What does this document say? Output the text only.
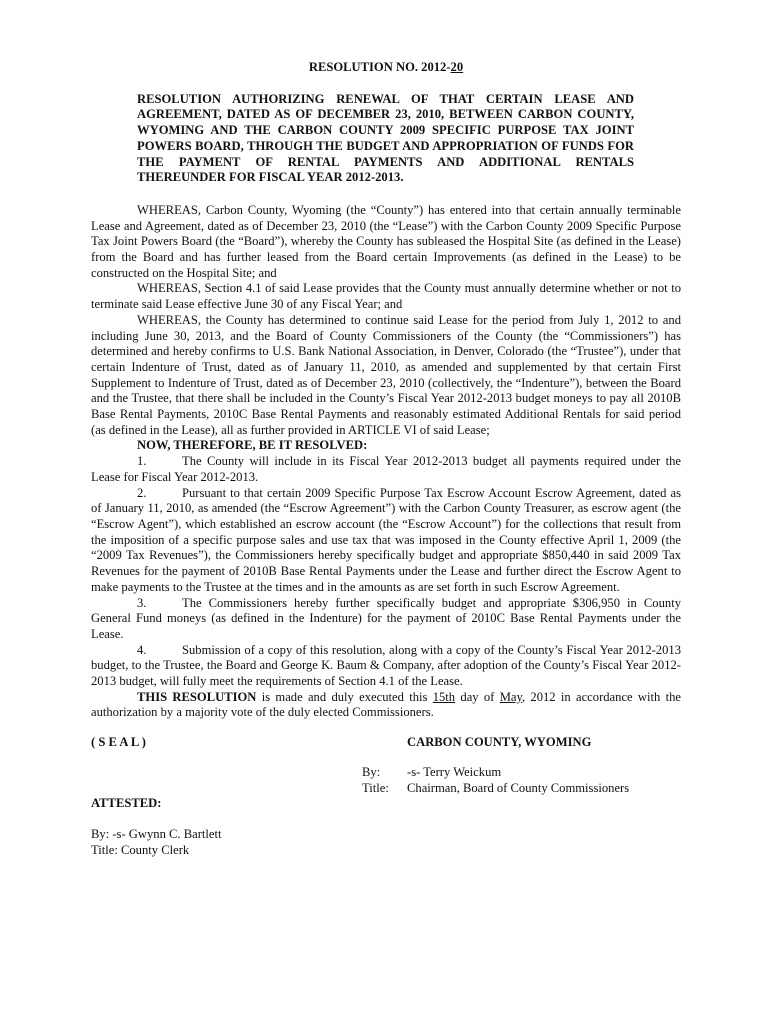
RESOLUTION NO. 2012-20
RESOLUTION AUTHORIZING RENEWAL OF THAT CERTAIN LEASE AND AGREEMENT, DATED AS OF DECEMBER 23, 2010, BETWEEN CARBON COUNTY, WYOMING AND THE CARBON COUNTY 2009 SPECIFIC PURPOSE TAX JOINT POWERS BOARD, THROUGH THE BUDGET AND APPROPRIATION OF FUNDS FOR THE PAYMENT OF RENTAL PAYMENTS AND ADDITIONAL RENTALS THEREUNDER FOR FISCAL YEAR 2012-2013.

WHEREAS, Carbon County, Wyoming (the “County”) has entered into that certain annually terminable Lease and Agreement, dated as of December 23, 2010 (the “Lease”) with the Carbon County 2009 Specific Purpose Tax Joint Powers Board (the “Board”), whereby the County has subleased the Hospital Site (as defined in the Lease) from the Board and has further leased from the Board certain Improvements (as defined in the Lease) to be constructed on the Hospital Site; and

WHEREAS, Section 4.1 of said Lease provides that the County must annually determine whether or not to terminate said Lease effective June 30 of any Fiscal Year; and

WHEREAS, the County has determined to continue said Lease for the period from July 1, 2012 to and including June 30, 2013, and the Board of County Commissioners of the County (the “Commissioners”) has determined and hereby confirms to U.S. Bank National Association, in Denver, Colorado (the “Trustee”), under that certain Indenture of Trust, dated as of January 11, 2010, as amended and supplemented by that certain First Supplement to Indenture of Trust, dated as of December 23, 2010 (collectively, the “Indenture”), between the Board and the Trustee, that there shall be included in the County’s Fiscal Year 2012-2013 budget moneys to pay all 2010B Base Rental Payments, 2010C Base Rental Payments and reasonably estimated Additional Rentals for said period (as defined in the Lease), all as further provided in ARTICLE VI of said Lease;

NOW, THEREFORE, BE IT RESOLVED:

1.	The County will include in its Fiscal Year 2012-2013 budget all payments required under the Lease for Fiscal Year 2012-2013.

2.	Pursuant to that certain 2009 Specific Purpose Tax Escrow Account Escrow Agreement, dated as of January 11, 2010, as amended (the “Escrow Agreement”) with the Carbon County Treasurer, as escrow agent (the “Escrow Agent”), which established an escrow account (the “Escrow Account”) for the collections that result from the imposition of a specific purpose sales and use tax that was imposed in the County effective April 1, 2009 (the “2009 Tax Revenues”), the Commissioners hereby specifically budget and appropriate $850,440 in said 2009 Tax Revenues for the payment of 2010B Base Rental Payments under the Lease and further direct the Escrow Agent to make payments to the Trustee at the times and in the amounts as are set forth in such Escrow Agreement.

3.	The Commissioners hereby further specifically budget and appropriate $306,950 in County General Fund moneys (as defined in the Indenture) for the payment of 2010C Base Rental Payments under the Lease.

4.	Submission of a copy of this resolution, along with a copy of the County’s Fiscal Year 2012-2013 budget, to the Trustee, the Board and George K. Baum & Company, after adoption of the County’s Fiscal Year 2012-2013 budget, will fully meet the requirements of Section 4.1 of the Lease.

THIS RESOLUTION is made and duly executed this 15th day of May, 2012 in accordance with the authorization by a majority vote of the duly elected Commissioners.

( S E A L )	CARBON COUNTY, WYOMING
By: -s- Terry Weickum
Title: Chairman, Board of County Commissioners
ATTESTED:
By: -s- Gwynn C. Bartlett
Title: County Clerk
